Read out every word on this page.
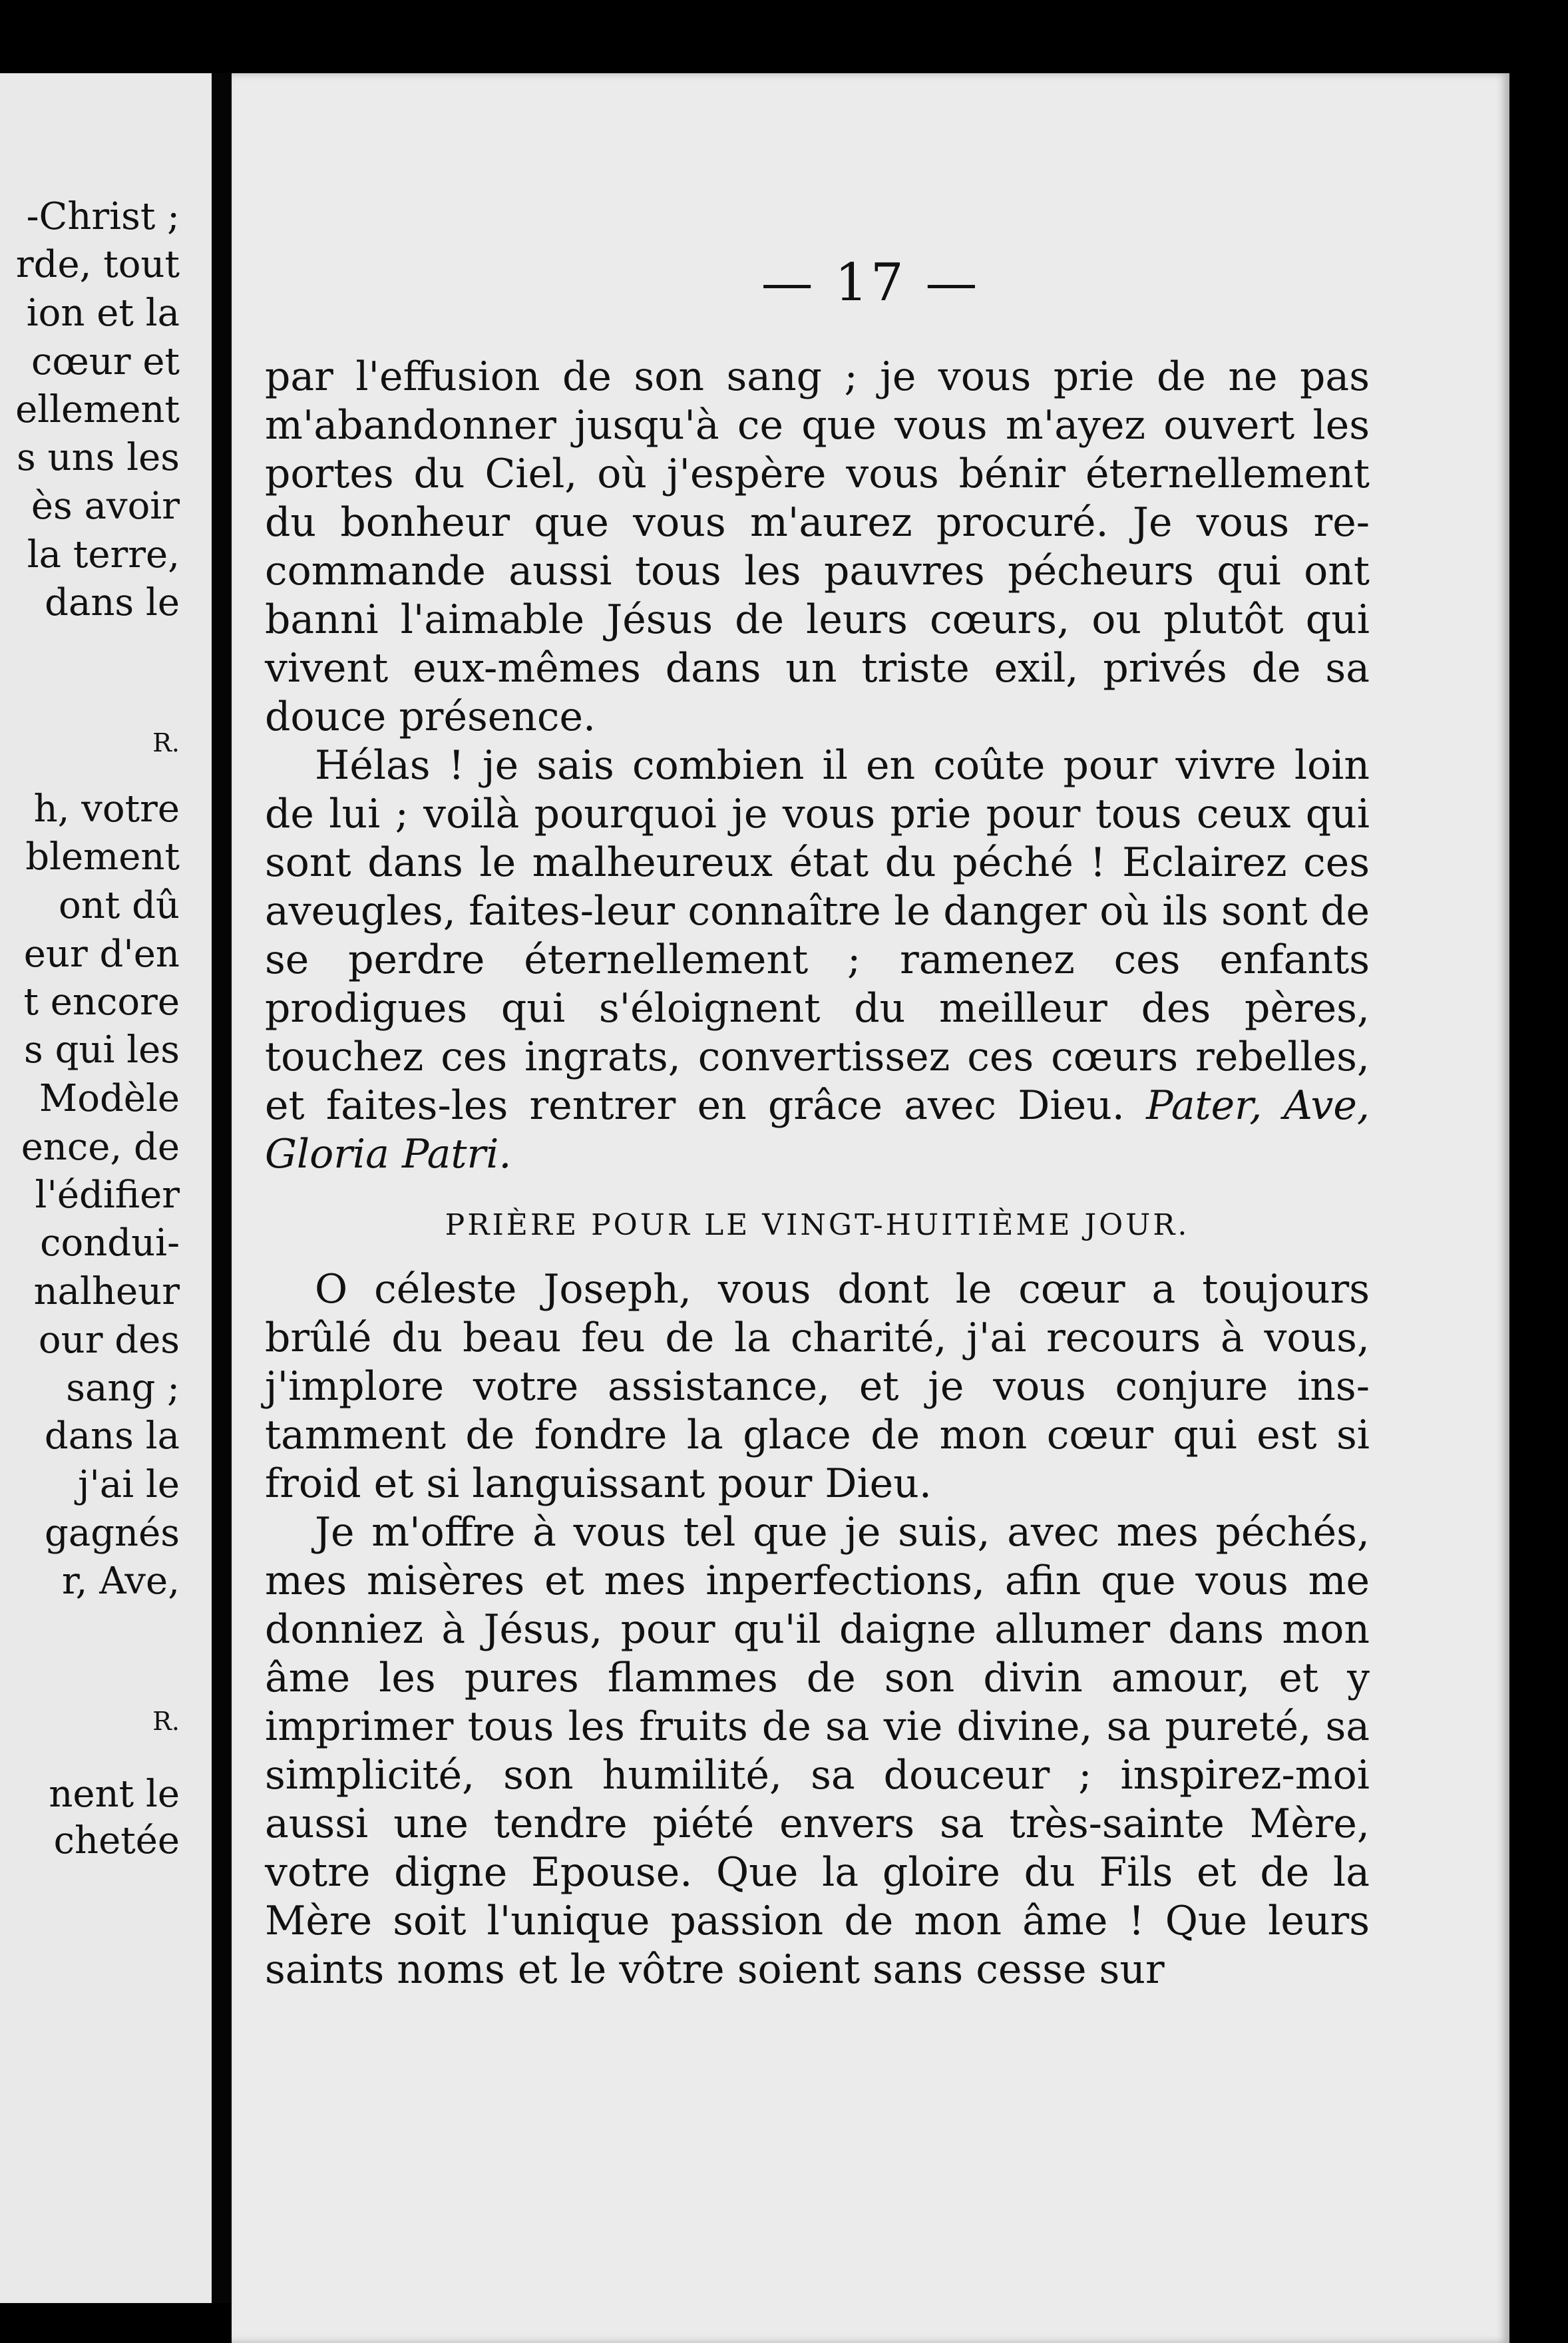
-Christ ;
rde, tout
ion et la
cœur et
ellement
s uns les
ès avoir
la terre,
dans le
R.
h, votre
blement
ont dû
eur d'en
t encore
s qui les
Modèle
ence, de
l'édifier
condui-
nalheur
our des
sang ;
dans la
j'ai le
gagnés
r, Ave,
R.
nent le
chetée
— 17 —

par l'effusion de son sang ; je vous prie de ne pas m'abandonner jusqu'à ce que vous m'ayez ouvert les portes du Ciel, où j'espère vous bénir éternellement du bonheur que vous m'aurez procuré. Je vous recommande aussi tous les pauvres pécheurs qui ont banni l'aimable Jésus de leurs cœurs, ou plutôt qui vivent eux-mêmes dans un triste exil, privés de sa douce présence.

Hélas ! je sais combien il en coûte pour vivre loin de lui ; voilà pourquoi je vous prie pour tous ceux qui sont dans le malheureux état du péché ! Eclairez ces aveugles, faites-leur connaître le danger où ils sont de se perdre éternellement ; ramenez ces enfants prodigues qui s'éloignent du meilleur des pères, touchez ces ingrats, convertissez ces cœurs rebelles, et faites-les rentrer en grâce avec Dieu. Pater, Ave, Gloria Patri.

PRIÈRE POUR LE VINGT-HUITIÈME JOUR.

O céleste Joseph, vous dont le cœur a toujours brûlé du beau feu de la charité, j'ai recours à vous, j'implore votre assistance, et je vous conjure instamment de fondre la glace de mon cœur qui est si froid et si languissant pour Dieu.

Je m'offre à vous tel que je suis, avec mes péchés, mes misères et mes inperfections, afin que vous me donniez à Jésus, pour qu'il daigne allumer dans mon âme les pures flammes de son divin amour, et y imprimer tous les fruits de sa vie divine, sa pureté, sa simplicité, son humilité, sa douceur ; inspirez-moi aussi une tendre piété envers sa très-sainte Mère, votre digne Epouse. Que la gloire du Fils et de la Mère soit l'unique passion de mon âme ! Que leurs saints noms et le vôtre soient sans cesse sur
